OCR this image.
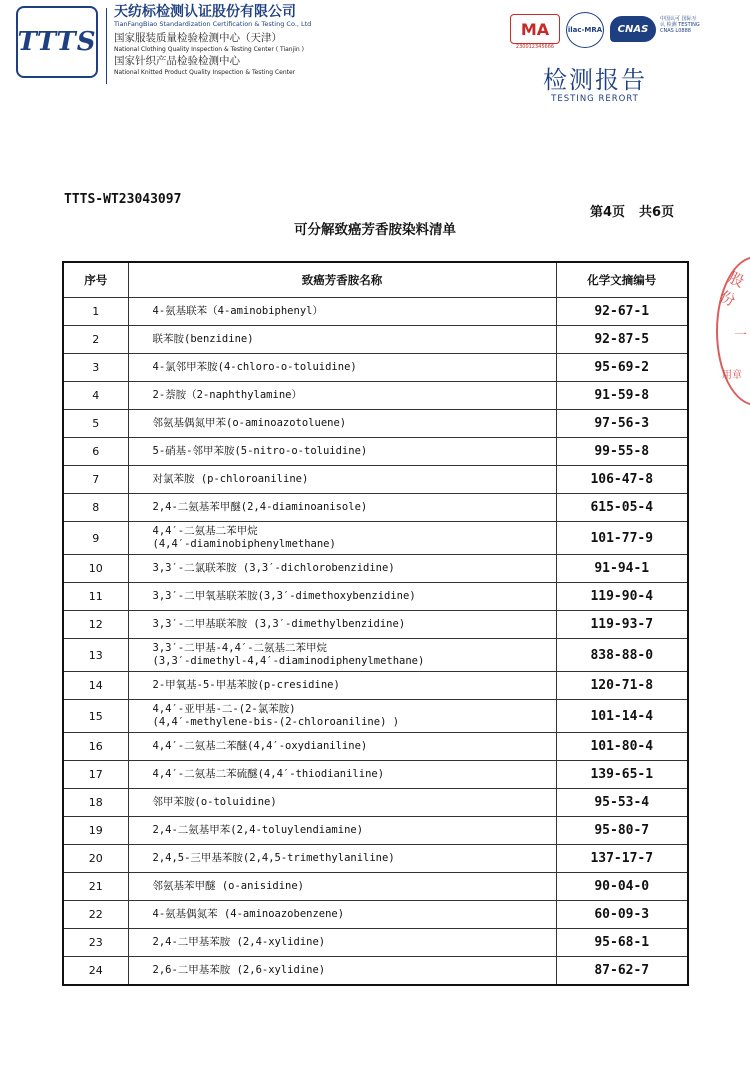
TTTS
天纺标检测认证股份有限公司
TianFangBiao Standardization Certification & Testing Co., Ltd
国家服装质量检验检测中心（天津）
National Clothing Quality Inspection & Testing Center ( Tianjin )
国家针织产品检验检测中心
National Knitted Product Quality Inspection & Testing Center
MA
230012345666
ilac-MRA	CNAS
中国认可 国际互认 检测 TESTING CNAS L0888
检测报告
TESTING RERORT
TTTS-WT23043097
第4页 共6页
可分解致癌芳香胺染料清单
序号	致癌芳香胺名称	化学文摘编号
1	4-氨基联苯（4-aminobiphenyl）	92-67-1
2	联苯胺(benzidine)	92-87-5
3	4-氯邻甲苯胺(4-chloro-o-toluidine)	95-69-2
4	2-萘胺（2-naphthylamine）	91-59-8
5	邻氨基偶氮甲苯(o-aminoazotoluene)	97-56-3
6	5-硝基-邻甲苯胺(5-nitro-o-toluidine)	99-55-8
7	对氯苯胺 (p-chloroaniline)	106-47-8
8	2,4-二氨基苯甲醚(2,4-diaminoanisole)	615-05-4
9	4,4′-二氨基二苯甲烷
(4,4′-diaminobiphenylmethane)	101-77-9
10	3,3′-二氯联苯胺 (3,3′-dichlorobenzidine)	91-94-1
11	3,3′-二甲氧基联苯胺(3,3′-dimethoxybenzidine)	119-90-4
12	3,3′-二甲基联苯胺 (3,3′-dimethylbenzidine)	119-93-7
13	3,3′-二甲基-4,4′-二氨基二苯甲烷
(3,3′-dimethyl-4,4′-diaminodiphenylmethane)	838-88-0
14	2-甲氧基-5-甲基苯胺(p-cresidine)	120-71-8
15	4,4′-亚甲基-二-(2-氯苯胺)
(4,4′-methylene-bis-(2-chloroaniline) )	101-14-4
16	4,4′-二氨基二苯醚(4,4′-oxydianiline)	101-80-4
17	4,4′-二氨基二苯硫醚(4,4′-thiodianiline)	139-65-1
18	邻甲苯胺(o-toluidine)	95-53-4
19	2,4-二氨基甲苯(2,4-toluylendiamine)	95-80-7
20	2,4,5-三甲基苯胺(2,4,5-trimethylaniline)	137-17-7
21	邻氨基苯甲醚 (o-anisidine)	90-04-0
22	4-氨基偶氮苯 (4-aminoazobenzene)	60-09-3
23	2,4-二甲基苯胺 (2,4-xylidine)	95-68-1
24	2,6-二甲基苯胺 (2,6-xylidine)	87-62-7
股份
一
用章
